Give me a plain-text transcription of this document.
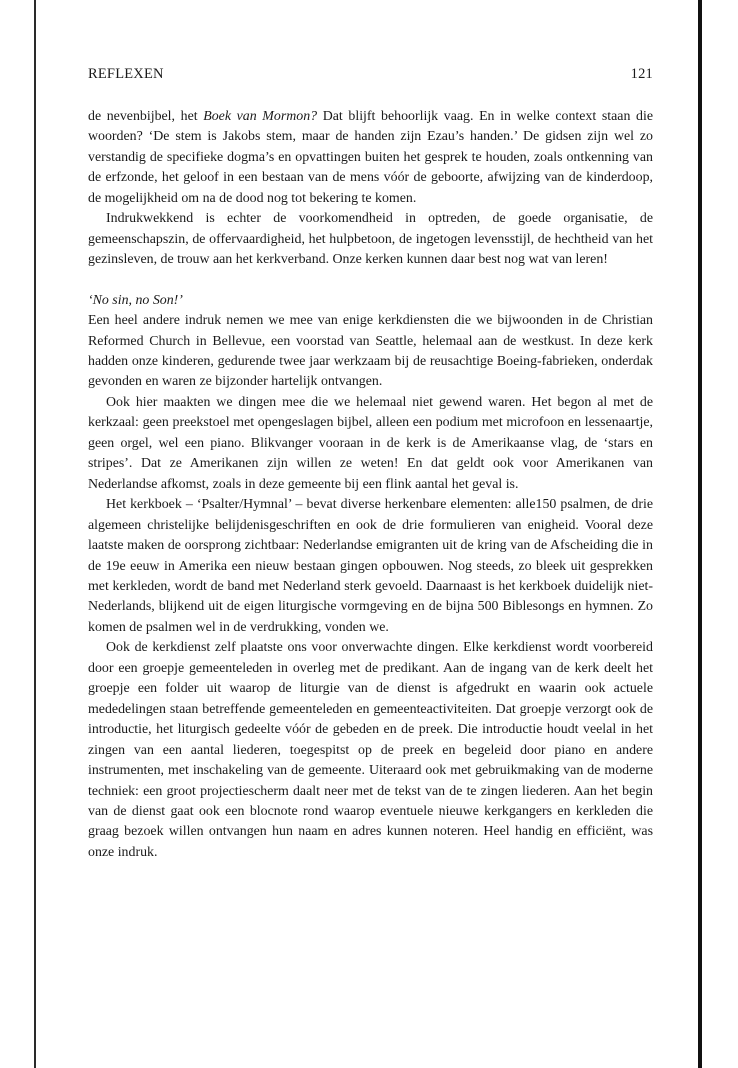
REFLEXEN	121

de nevenbijbel, het Boek van Mormon? Dat blijft behoorlijk vaag. En in welke context staan die woorden? ‘De stem is Jakobs stem, maar de handen zijn Ezau’s handen.’ De gidsen zijn wel zo verstandig de specifieke dogma’s en opvattingen buiten het gesprek te houden, zoals ontkenning van de erfzonde, het geloof in een bestaan van de mens vóór de geboorte, afwijzing van de kinderdoop, de mogelijkheid om na de dood nog tot bekering te komen.

Indrukwekkend is echter de voorkomendheid in optreden, de goede organisatie, de gemeenschapszin, de offervaardigheid, het hulpbetoon, de ingetogen levensstijl, de hechtheid van het gezinsleven, de trouw aan het kerkverband. Onze kerken kunnen daar best nog wat van leren!

‘No sin, no Son!’

Een heel andere indruk nemen we mee van enige kerkdiensten die we bijwoonden in de Christian Reformed Church in Bellevue, een voorstad van Seattle, helemaal aan de westkust. In deze kerk hadden onze kinderen, gedurende twee jaar werkzaam bij de reusachtige Boeing-fabrieken, onderdak gevonden en waren ze bijzonder hartelijk ontvangen.

Ook hier maakten we dingen mee die we helemaal niet gewend waren. Het begon al met de kerkzaal: geen preekstoel met opengeslagen bijbel, alleen een podium met microfoon en lessenaartje, geen orgel, wel een piano. Blikvanger vooraan in de kerk is de Amerikaanse vlag, de ‘stars en stripes’. Dat ze Amerikanen zijn willen ze weten! En dat geldt ook voor Amerikanen van Nederlandse afkomst, zoals in deze gemeente bij een flink aantal het geval is.

Het kerkboek – ‘Psalter/Hymnal’ – bevat diverse herkenbare elementen: alle150 psalmen, de drie algemeen christelijke belijdenisgeschriften en ook de drie formulieren van enigheid. Vooral deze laatste maken de oorsprong zichtbaar: Nederlandse emigranten uit de kring van de Afscheiding die in de 19e eeuw in Amerika een nieuw bestaan gingen opbouwen. Nog steeds, zo bleek uit gesprekken met kerkleden, wordt de band met Nederland sterk gevoeld. Daarnaast is het kerkboek duidelijk niet-Nederlands, blijkend uit de eigen liturgische vormgeving en de bijna 500 Biblesongs en hymnen. Zo komen de psalmen wel in de verdrukking, vonden we.

Ook de kerkdienst zelf plaatste ons voor onverwachte dingen. Elke kerkdienst wordt voorbereid door een groepje gemeenteleden in overleg met de predikant. Aan de ingang van de kerk deelt het groepje een folder uit waarop de liturgie van de dienst is afgedrukt en waarin ook actuele mededelingen staan betreffende gemeenteleden en gemeenteactiviteiten. Dat groepje verzorgt ook de introductie, het liturgisch gedeelte vóór de gebeden en de preek. Die introductie houdt veelal in het zingen van een aantal liederen, toegespitst op de preek en begeleid door piano en andere instrumenten, met inschakeling van de gemeente. Uiteraard ook met gebruikmaking van de moderne techniek: een groot projectiescherm daalt neer met de tekst van de te zingen liederen. Aan het begin van de dienst gaat ook een blocnote rond waarop eventuele nieuwe kerkgangers en kerkleden die graag bezoek willen ontvangen hun naam en adres kunnen noteren. Heel handig en efficiënt, was onze indruk.
